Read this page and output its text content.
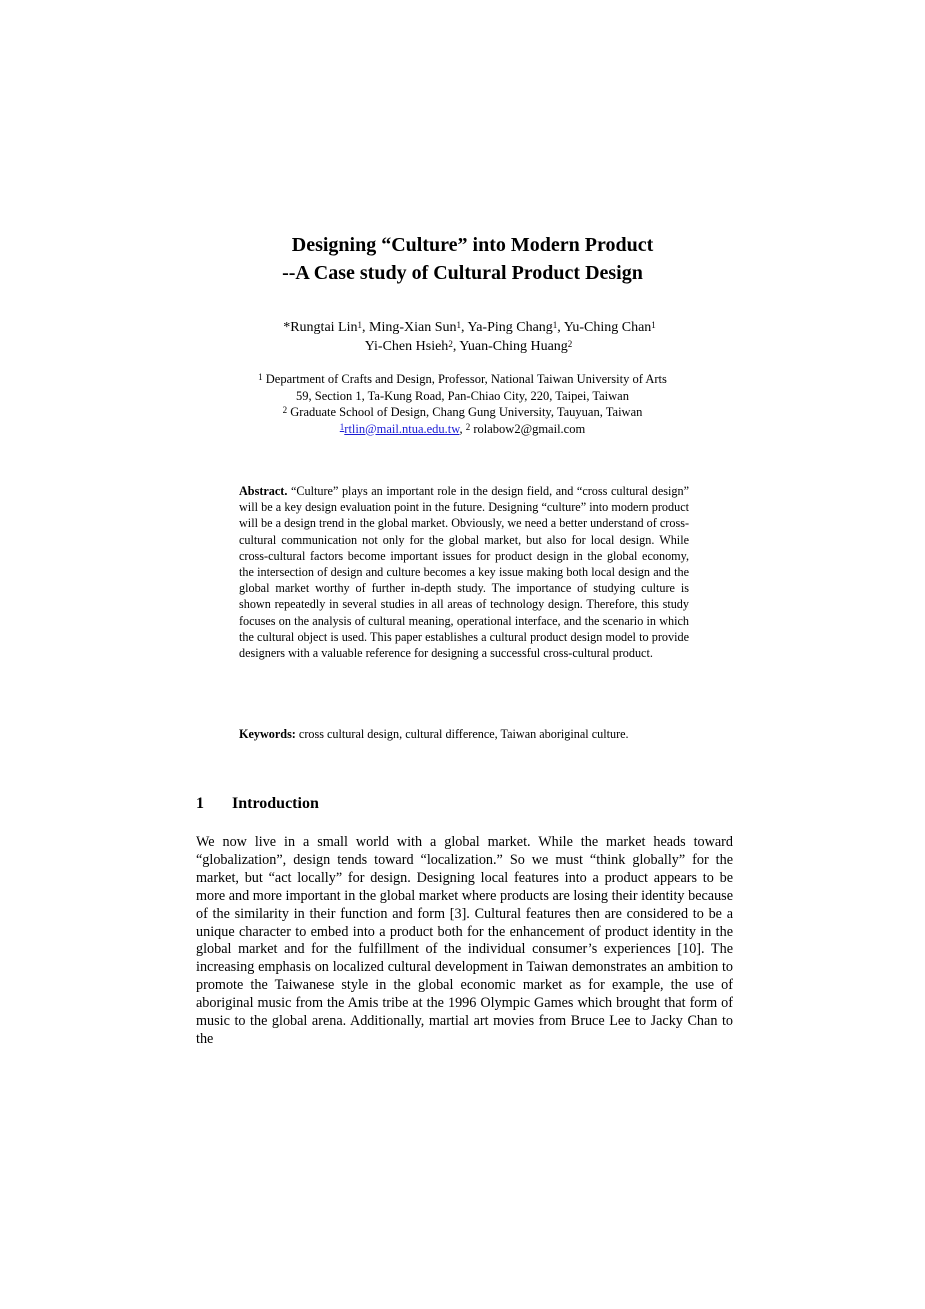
Designing “Culture” into Modern Product
--A Case study of Cultural Product Design
*Rungtai Lin$^1$, Ming-Xian Sun$^1$, Ya-Ping Chang$^1$, Yu-Ching Chan$^1$
Yi-Chen Hsieh$^2$, Yuan-Ching Huang$^2$
$^1$ Department of Crafts and Design, Professor, National Taiwan University of Arts
59, Section 1, Ta-Kung Road, Pan-Chiao City, 220, Taipei, Taiwan
$^2$ Graduate School of Design, Chang Gung University, Tauyuan, Taiwan
$^1$rtlin@mail.ntua.edu.tw, $^2$ rolabow2@gmail.com
Abstract. “Culture” plays an important role in the design field, and “cross cultural design” will be a key design evaluation point in the future. Designing “culture” into modern product will be a design trend in the global market. Obviously, we need a better understand of cross-cultural communication not only for the global market, but also for local design. While cross-cultural factors become important issues for product design in the global economy, the intersection of design and culture becomes a key issue making both local design and the global market worthy of further in-depth study. The importance of studying culture is shown repeatedly in several studies in all areas of technology design. Therefore, this study focuses on the analysis of cultural meaning, operational interface, and the scenario in which the cultural object is used. This paper establishes a cultural product design model to provide designers with a valuable reference for designing a successful cross-cultural product.
Keywords: cross cultural design, cultural difference, Taiwan aboriginal culture.
1 Introduction
We now live in a small world with a global market. While the market heads toward “globalization”, design tends toward “localization.” So we must “think globally” for the market, but “act locally” for design. Designing local features into a product appears to be more and more important in the global market where products are losing their identity because of the similarity in their function and form [3]. Cultural features then are considered to be a unique character to embed into a product both for the enhancement of product identity in the global market and for the fulfillment of the individual consumer’s experiences [10]. The increasing emphasis on localized cultural development in Taiwan demonstrates an ambition to promote the Taiwanese style in the global economic market as for example, the use of aboriginal music from the Amis tribe at the 1996 Olympic Games which brought that form of music to the global arena. Additionally, martial art movies from Bruce Lee to Jacky Chan to the
